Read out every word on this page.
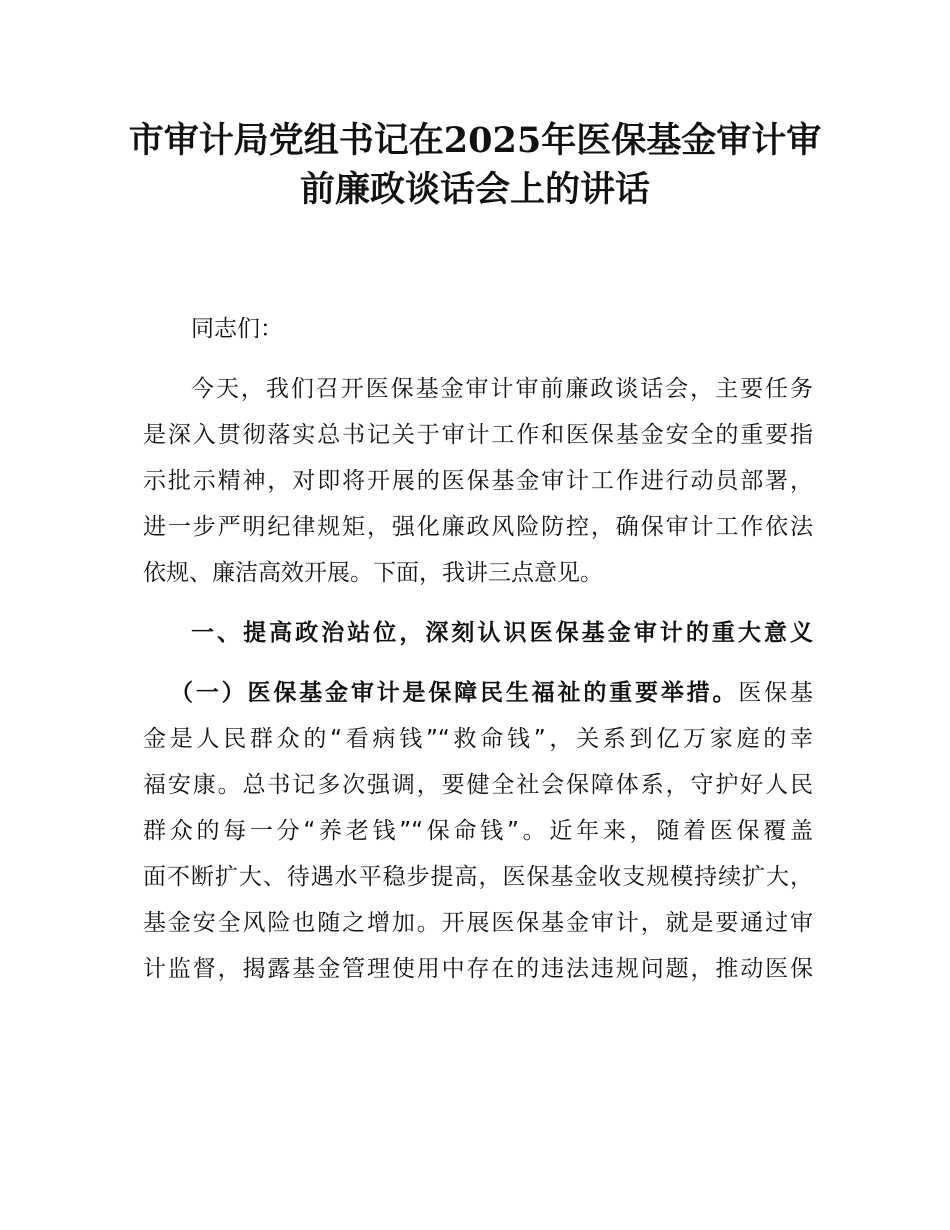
市审计局党组书记在2025年医保基金审计审
前廉政谈话会上的讲话
同志们：
今天，我们召开医保基金审计审前廉政谈话会，主要任务
是深入贯彻落实总书记关于审计工作和医保基金安全的重要指
示批示精神，对即将开展的医保基金审计工作进行动员部署，
进一步严明纪律规矩，强化廉政风险防控，确保审计工作依法
依规、廉洁高效开展。下面，我讲三点意见。
一、提高政治站位，深刻认识医保基金审计的重大意义
（一）医保基金审计是保障民生福祉的重要举措。医保基
金是人民群众的“看病钱”“救命钱”，关系到亿万家庭的幸
福安康。总书记多次强调，要健全社会保障体系，守护好人民
群众的每一分“养老钱”“保命钱”。近年来，随着医保覆盖
面不断扩大、待遇水平稳步提高，医保基金收支规模持续扩大，
基金安全风险也随之增加。开展医保基金审计，就是要通过审
计监督，揭露基金管理使用中存在的违法违规问题，推动医保
